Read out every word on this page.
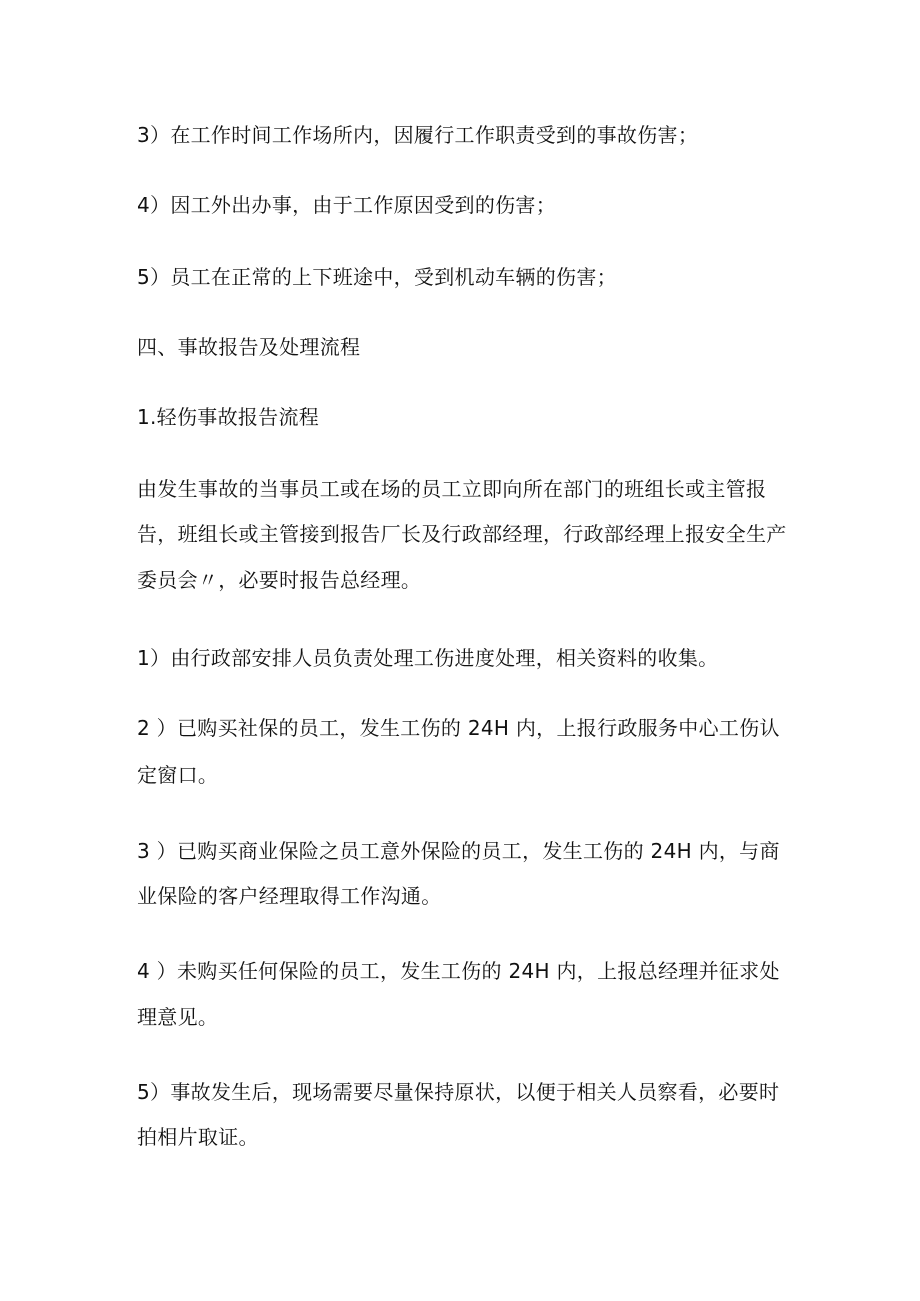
3）在工作时间工作场所内，因履行工作职责受到的事故伤害；
4）因工外出办事，由于工作原因受到的伤害；
5）员工在正常的上下班途中，受到机动车辆的伤害；
四、事故报告及处理流程
1.轻伤事故报告流程
由发生事故的当事员工或在场的员工立即向所在部门的班组长或主管报
告，班组长或主管接到报告厂长及行政部经理，行政部经理上报安全生产
委员会〃，必要时报告总经理。
1）由行政部安排人员负责处理工伤进度处理，相关资料的收集。
2 ）已购买社保的员工，发生工伤的 24H 内，上报行政服务中心工伤认
定窗口。
3 ）已购买商业保险之员工意外保险的员工，发生工伤的 24H 内，与商
业保险的客户经理取得工作沟通。
4 ）未购买任何保险的员工，发生工伤的 24H 内，上报总经理并征求处
理意见。
5）事故发生后，现场需要尽量保持原状，以便于相关人员察看，必要时
拍相片取证。
